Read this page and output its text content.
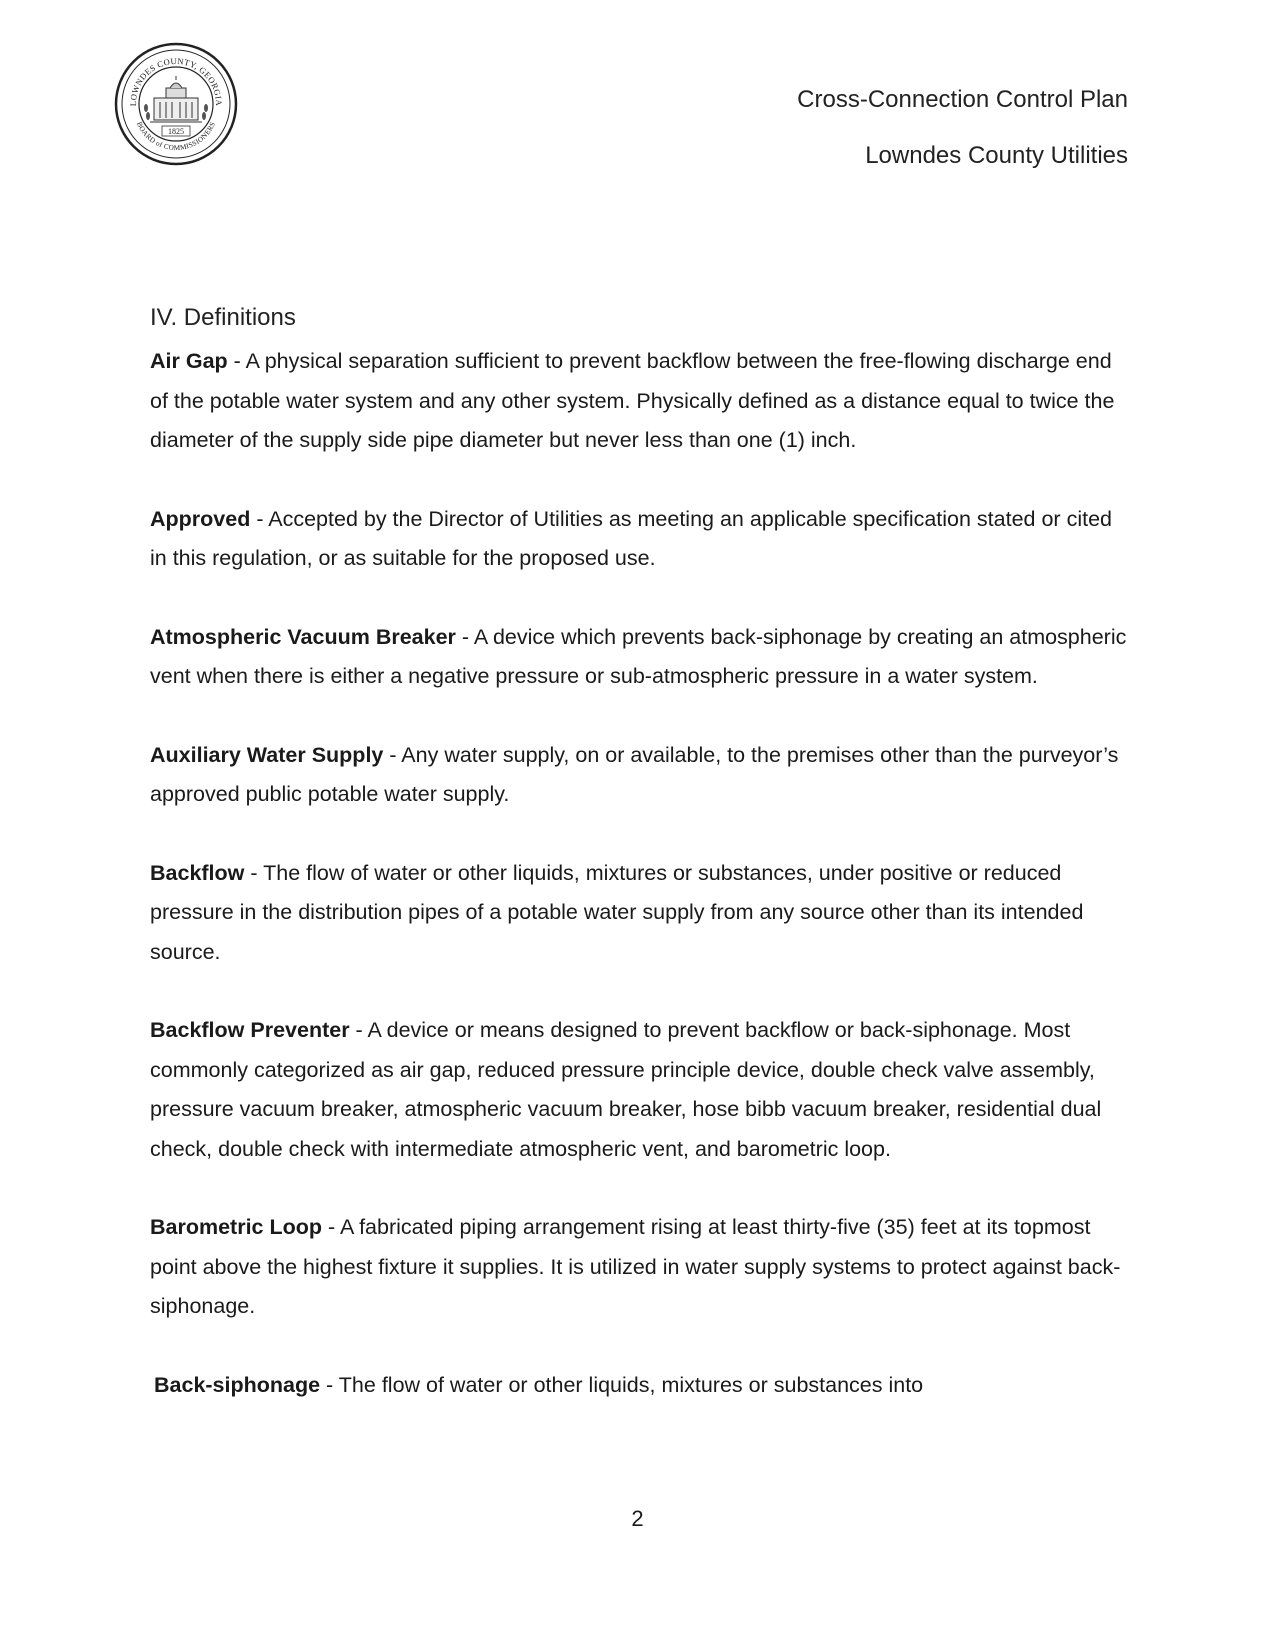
LOWNDES COUNTY, GEORGIA
BOARD of COMMISSIONERS
1825
Cross-Connection Control Plan
Lowndes County Utilities
IV. Definitions

Air Gap - A physical separation sufficient to prevent backflow between the free-flowing discharge end of the potable water system and any other system. Physically defined as a distance equal to twice the diameter of the supply side pipe diameter but never less than one (1) inch.

Approved - Accepted by the Director of Utilities as meeting an applicable specification stated or cited in this regulation, or as suitable for the proposed use.

Atmospheric Vacuum Breaker - A device which prevents back-siphonage by creating an atmospheric vent when there is either a negative pressure or sub-atmospheric pressure in a water system.

Auxiliary Water Supply - Any water supply, on or available, to the premises other than the purveyor’s approved public potable water supply.

Backflow - The flow of water or other liquids, mixtures or substances, under positive or reduced pressure in the distribution pipes of a potable water supply from any source other than its intended source.

Backflow Preventer - A device or means designed to prevent backflow or back-siphonage. Most commonly categorized as air gap, reduced pressure principle device, double check valve assembly, pressure vacuum breaker, atmospheric vacuum breaker, hose bibb vacuum breaker, residential dual check, double check with intermediate atmospheric vent, and barometric loop.

Barometric Loop - A fabricated piping arrangement rising at least thirty-five (35) feet at its topmost point above the highest fixture it supplies. It is utilized in water supply systems to protect against back-siphonage.

Back-siphonage - The flow of water or other liquids, mixtures or substances into

2
